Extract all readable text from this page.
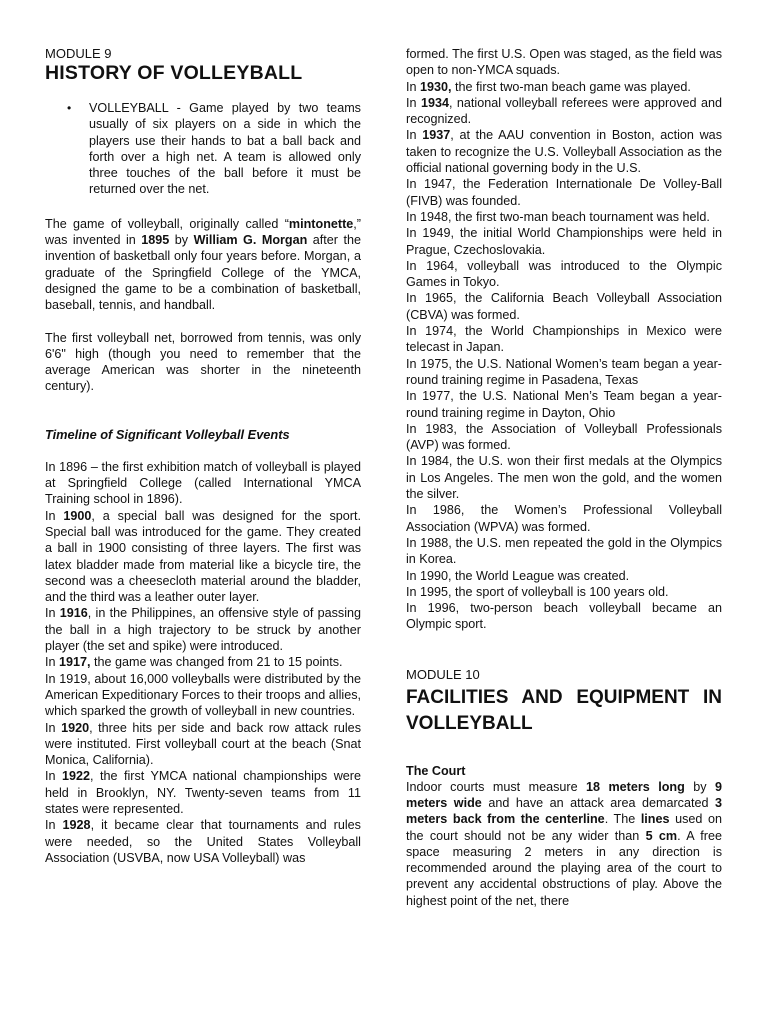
MODULE 9

HISTORY OF VOLLEYBALL

• VOLLEYBALL - Game played by two teams usually of six players on a side in which the players use their hands to bat a ball back and forth over a high net. A team is allowed only three touches of the ball before it must be returned over the net.

The game of volleyball, originally called “mintonette,” was invented in 1895 by William G. Morgan after the invention of basketball only four years before. Morgan, a graduate of the Springfield College of the YMCA, designed the game to be a combination of basketball, baseball, tennis, and handball.

The first volleyball net, borrowed from tennis, was only 6'6" high (though you need to remember that the average American was shorter in the nineteenth century).

Timeline of Significant Volleyball Events

In 1896 – the first exhibition match of volleyball is played at Springfield College (called International YMCA Training school in 1896).

In 1900, a special ball was designed for the sport. Special ball was introduced for the game. They created a ball in 1900 consisting of three layers. The first was latex bladder made from material like a bicycle tire, the second was a cheesecloth material around the bladder, and the third was a leather outer layer.

In 1916, in the Philippines, an offensive style of passing the ball in a high trajectory to be struck by another player (the set and spike) were introduced.

In 1917, the game was changed from 21 to 15 points.

In 1919, about 16,000 volleyballs were distributed by the American Expeditionary Forces to their troops and allies, which sparked the growth of volleyball in new countries.

In 1920, three hits per side and back row attack rules were instituted. First volleyball court at the beach (Snat Monica, California).

In 1922, the first YMCA national championships were held in Brooklyn, NY. Twenty-seven teams from 11 states were represented.

In 1928, it became clear that tournaments and rules were needed, so the United States Volleyball Association (USVBA, now USA Volleyball) was

formed. The first U.S. Open was staged, as the field was open to non-YMCA squads.

In 1930, the first two-man beach game was played.

In 1934, national volleyball referees were approved and recognized.

In 1937, at the AAU convention in Boston, action was taken to recognize the U.S. Volleyball Association as the official national governing body in the U.S.

In 1947, the Federation Internationale De Volley-Ball (FIVB) was founded.

In 1948, the first two-man beach tournament was held.

In 1949, the initial World Championships were held in Prague, Czechoslovakia.

In 1964, volleyball was introduced to the Olympic Games in Tokyo.

In 1965, the California Beach Volleyball Association (CBVA) was formed.

In 1974, the World Championships in Mexico were telecast in Japan.

In 1975, the U.S. National Women’s team began a year-round training regime in Pasadena, Texas

In 1977, the U.S. National Men’s Team began a year-round training regime in Dayton, Ohio

In 1983, the Association of Volleyball Professionals (AVP) was formed.

In 1984, the U.S. won their first medals at the Olympics in Los Angeles. The men won the gold, and the women the silver.

In 1986, the Women’s Professional Volleyball Association (WPVA) was formed.

In 1988, the U.S. men repeated the gold in the Olympics in Korea.

In 1990, the World League was created.

In 1995, the sport of volleyball is 100 years old.

In 1996, two-person beach volleyball became an Olympic sport.

MODULE 10

FACILITIES AND EQUIPMENT IN VOLLEYBALL

The Court

Indoor courts must measure 18 meters long by 9 meters wide and have an attack area demarcated 3 meters back from the centerline. The lines used on the court should not be any wider than 5 cm. A free space measuring 2 meters in any direction is recommended around the playing area of the court to prevent any accidental obstructions of play. Above the highest point of the net, there
